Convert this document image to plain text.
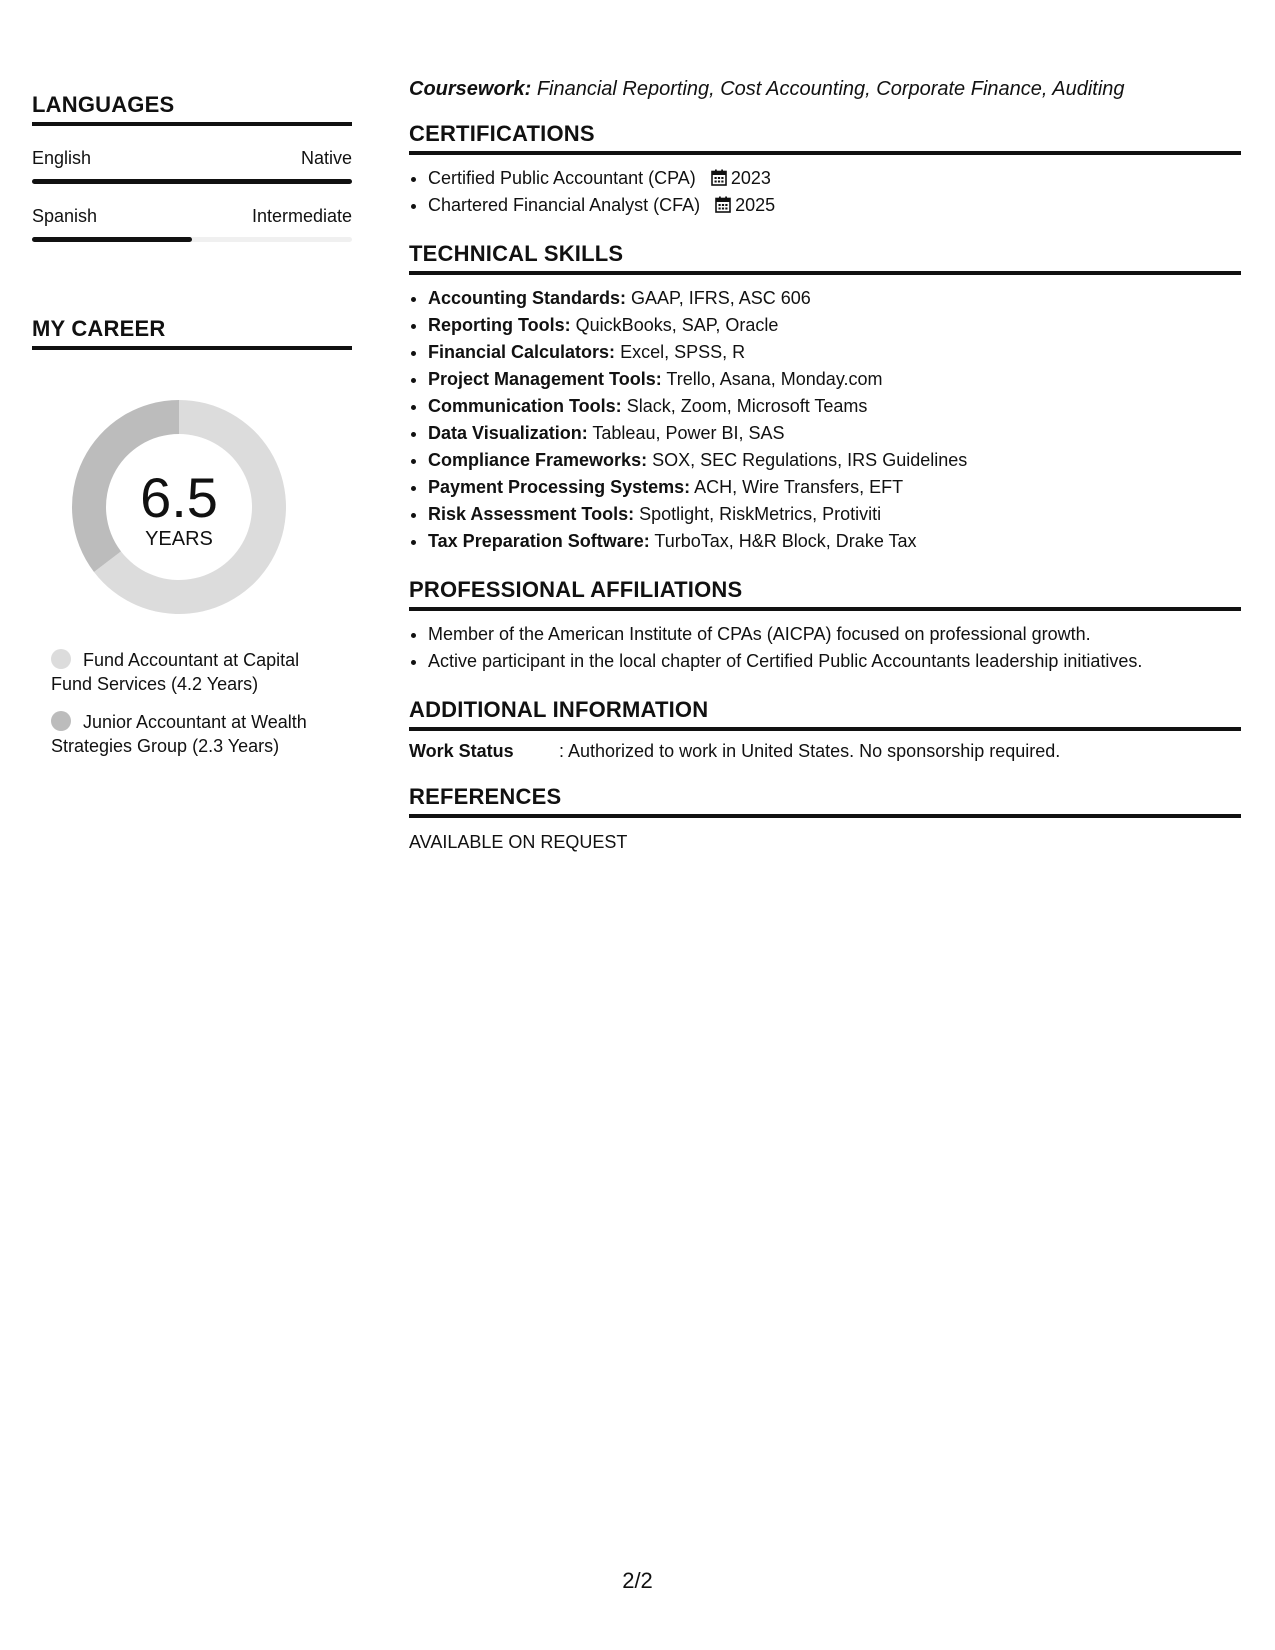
LANGUAGES
English	Native
Spanish	Intermediate
MY CAREER
6.5
YEARS
Fund Accountant at Capital Fund Services (4.2 Years)
Junior Accountant at Wealth Strategies Group (2.3 Years)

Coursework: Financial Reporting, Cost Accounting, Corporate Finance, Auditing

CERTIFICATIONS
• Certified Public Accountant (CPA) 2023
• Chartered Financial Analyst (CFA) 2025
TECHNICAL SKILLS
• Accounting Standards: GAAP, IFRS, ASC 606
• Reporting Tools: QuickBooks, SAP, Oracle
• Financial Calculators: Excel, SPSS, R
• Project Management Tools: Trello, Asana, Monday.com
• Communication Tools: Slack, Zoom, Microsoft Teams
• Data Visualization: Tableau, Power BI, SAS
• Compliance Frameworks: SOX, SEC Regulations, IRS Guidelines
• Payment Processing Systems: ACH, Wire Transfers, EFT
• Risk Assessment Tools: Spotlight, RiskMetrics, Protiviti
• Tax Preparation Software: TurboTax, H&R Block, Drake Tax
PROFESSIONAL AFFILIATIONS
• Member of the American Institute of CPAs (AICPA) focused on professional growth.
• Active participant in the local chapter of Certified Public Accountants leadership initiatives.
ADDITIONAL INFORMATION
Work Status	: Authorized to work in United States. No sponsorship required.
REFERENCES
AVAILABLE ON REQUEST
2/2
